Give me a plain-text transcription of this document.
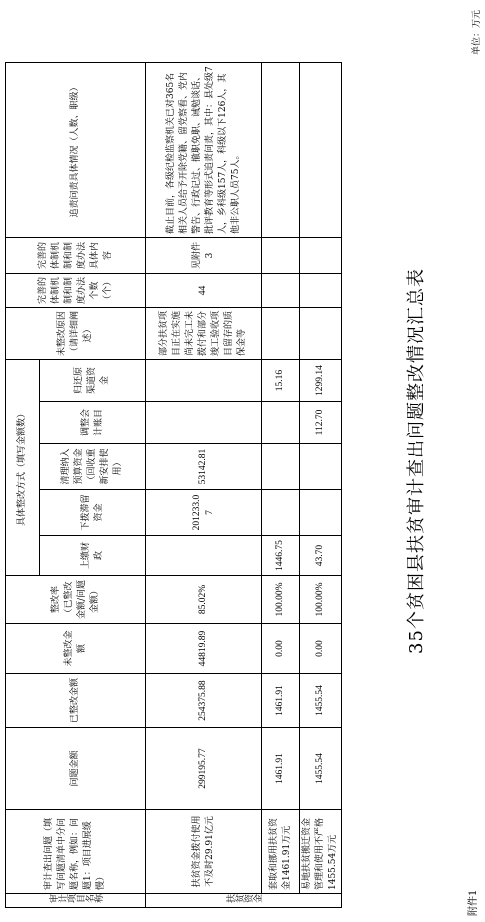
附件1
35个贫困县扶贫审计查出问题整改情况汇总表
单位：万元
审计项目名称	审计查出问题（填写问题清单中分问题名称，例如：问题1：项目进展缓慢）	问题金额	已整改金额	未整改金额	整改率（已整改金额/问题金额）	具体整改方式（填写金额数）					未整改原因（请详细阐述）	完善的体制机制和制度办法个数（个）	完善的体制机制和制度办法具体内容	追责问责具体情况（人数、职级）
						上缴财政	下拨滞留资金	清理纳入预算资金（回收重新安排使用）	调整会计账目	归还原渠道资金				
扶贫资金	扶贫资金拨付使用不及时29.91亿元	299195.77	254375.88	44819.89	85.02%		201233.07	53142.81			部分扶贫项目正在实施尚未完工未拨付和部分竣工验收项目留存的质保金等	44	见附件3	截止目前，各级纪检监察机关已对365名相关人员给予开除党籍、留党察看、党内警告、行政记过、撤职免职、诫勉谈话、批评教育等形式追责问责，其中：县处级7人，乡科级157人，科级以下126人，其他非公职人员75人。
	套取和挪用扶贫资金1461.91万元	1461.91	1461.91	0.00	100.00%	1446.75				15.16				
	易地扶贫搬迁资金管理和使用不严格1455.54万元	1455.54	1455.54	0.00	100.00%	43.70			112.70	1299.14				
